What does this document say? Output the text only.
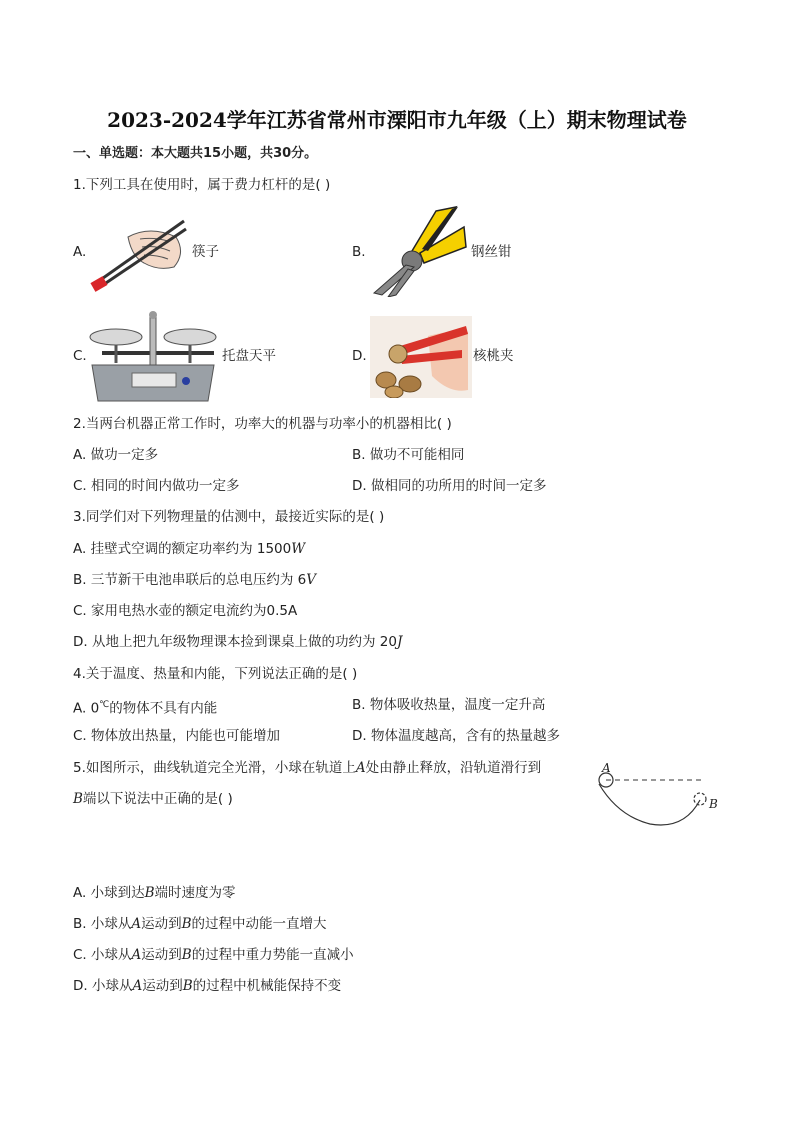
2023-2024学年江苏省常州市溧阳市九年级（上）期末物理试卷
一、单选题：本大题共15小题，共30分。
1.下列工具在使用时，属于费力杠杆的是( )
A.	筷子	B.	钢丝钳
C.	托盘天平	D.	核桃夹
2.当两台机器正常工作时，功率大的机器与功率小的机器相比( )
A. 做功一定多	B. 做功不可能相同
C. 相同的时间内做功一定多	D. 做相同的功所用的时间一定多
3.同学们对下列物理量的估测中，最接近实际的是( )
A. 挂壁式空调的额定功率约为 1500W
B. 三节新干电池串联后的总电压约为 6V
C. 家用电热水壶的额定电流约为0.5A
D. 从地上把九年级物理课本捡到课桌上做的功约为 20J
4.关于温度、热量和内能，下列说法正确的是( )
A. 0℃的物体不具有内能	B. 物体吸收热量，温度一定升高
C. 物体放出热量，内能也可能增加	D. 物体温度越高，含有的热量越多
5.如图所示，曲线轨道完全光滑，小球在轨道上A处由静止释放，沿轨道滑行到
B端以下说法中正确的是( )
A
B
A. 小球到达B端时速度为零
B. 小球从A运动到B的过程中动能一直增大
C. 小球从A运动到B的过程中重力势能一直减小
D. 小球从A运动到B的过程中机械能保持不变
